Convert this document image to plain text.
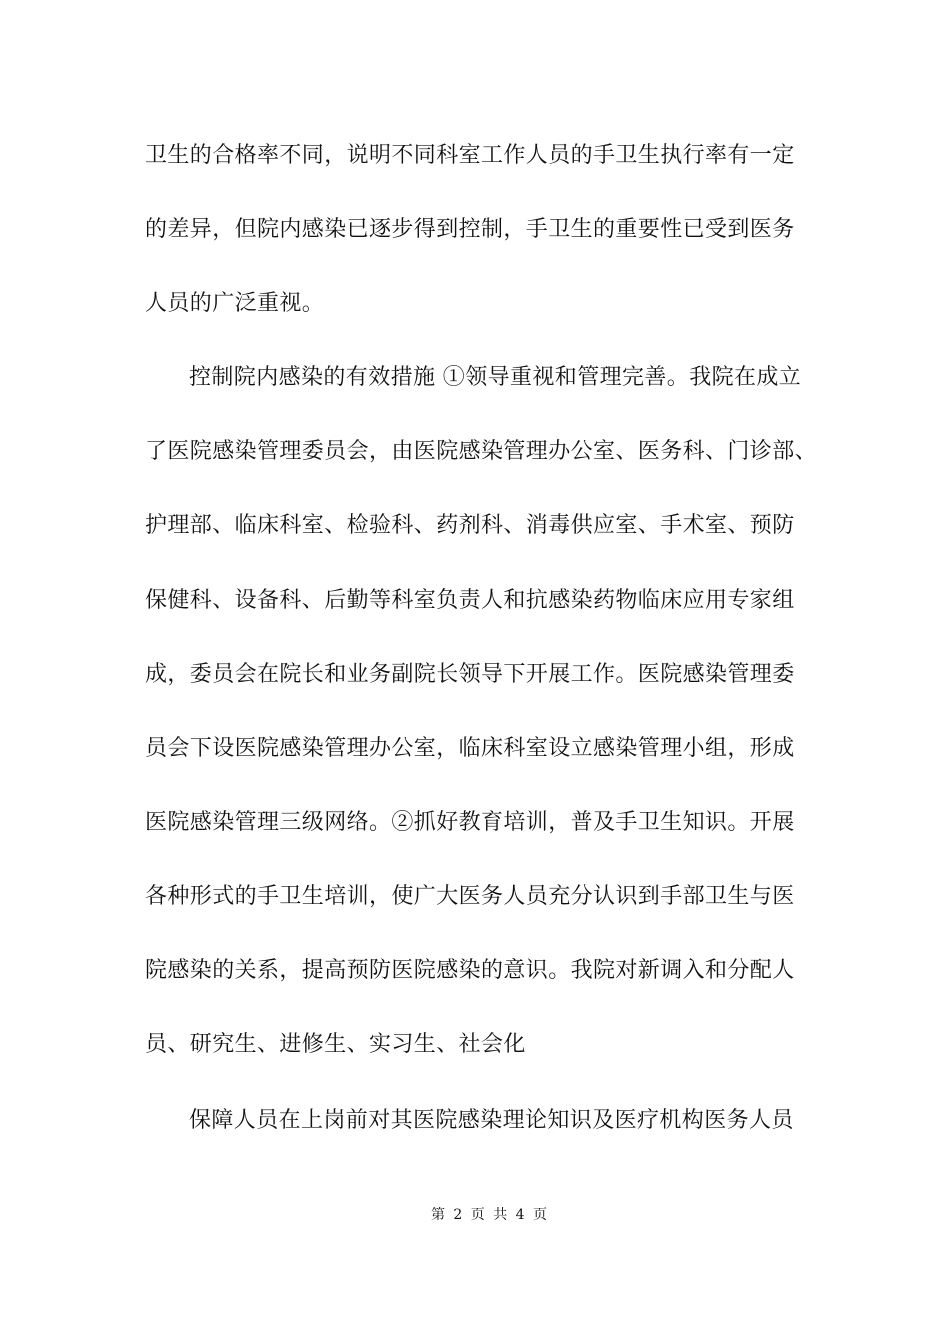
卫生的合格率不同，说明不同科室工作人员的手卫生执行率有一定
的差异，但院内感染已逐步得到控制，手卫生的重要性已受到医务
人员的广泛重视。
控制院内感染的有效措施 ①领导重视和管理完善。我院在成立
了医院感染管理委员会，由医院感染管理办公室、医务科、门诊部、
护理部、临床科室、检验科、药剂科、消毒供应室、手术室、预防
保健科、设备科、后勤等科室负责人和抗感染药物临床应用专家组
成，委员会在院长和业务副院长领导下开展工作。医院感染管理委
员会下设医院感染管理办公室，临床科室设立感染管理小组，形成
医院感染管理三级网络。②抓好教育培训，普及手卫生知识。开展
各种形式的手卫生培训，使广大医务人员充分认识到手部卫生与医
院感染的关系，提高预防医院感染的意识。我院对新调入和分配人
员、研究生、进修生、实习生、社会化
保障人员在上岗前对其医院感染理论知识及医疗机构医务人员
第 2 页 共 4 页
